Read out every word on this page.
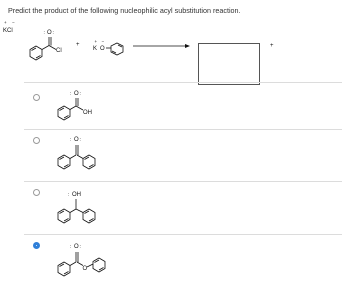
Predict the product of the following nucleophilic acyl substitution reaction.
O
: :
Cl
+
+ −
K O	+
+ −
KCl
O
: :
OH
O
: :
OH
:
O
: :
O
